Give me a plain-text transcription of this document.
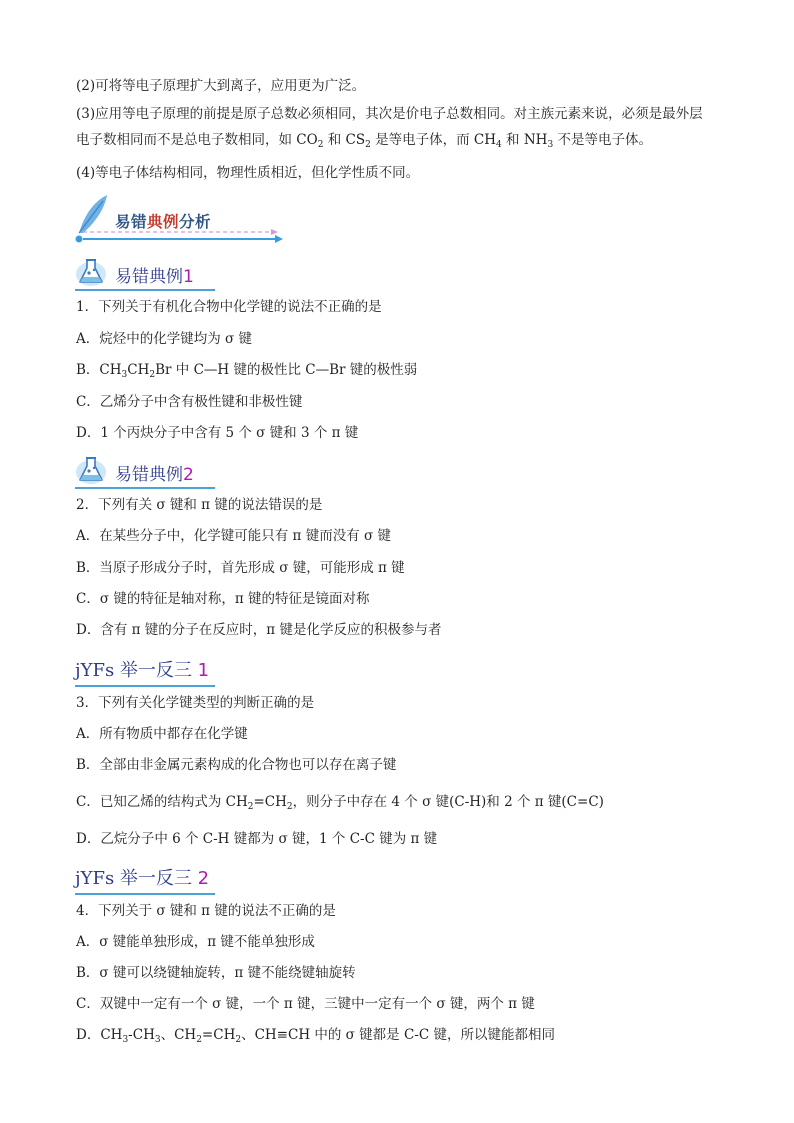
(2)可将等电子原理扩大到离子，应用更为广泛。
(3)应用等电子原理的前提是原子总数必须相同，其次是价电子总数相同。对主族元素来说，必须是最外层
电子数相同而不是总电子数相同，如 $CO_2$ 和 $CS_2$ 是等电子体，而 $CH_4$ 和 $NH_3$ 不是等电子体。
(4)等电子体结构相同，物理性质相近，但化学性质不同。
易错典例分析
易错典例1
1．下列关于有机化合物中化学键的说法不正确的是
A．烷烃中的化学键均为 σ 键
B．$CH_3CH_2Br$ 中 C—H 键的极性比 C—Br 键的极性弱
C．乙烯分子中含有极性键和非极性键
D．1 个丙炔分子中含有 5 个 σ 键和 3 个 π 键
易错典例2
2．下列有关 σ 键和 π 键的说法错误的是
A．在某些分子中，化学键可能只有 π 键而没有 σ 键
B．当原子形成分子时，首先形成 σ 键，可能形成 π 键
C．σ 键的特征是轴对称，π 键的特征是镜面对称
D．含有 π 键的分子在反应时，π 键是化学反应的积极参与者
jYFs 举一反三 1
3．下列有关化学键类型的判断正确的是
A．所有物质中都存在化学键
B．全部由非金属元素构成的化合物也可以存在离子键
C．已知乙烯的结构式为 $CH_2=CH_2$，则分子中存在 4 个 σ 键(C-H)和 2 个 π 键(C=C)
D．乙烷分子中 6 个 C-H 键都为 σ 键，1 个 C-C 键为 π 键
jYFs 举一反三 2
4．下列关于 σ 键和 π 键的说法不正确的是
A．σ 键能单独形成，π 键不能单独形成
B．σ 键可以绕键轴旋转，π 键不能绕键轴旋转
C．双键中一定有一个 σ 键，一个 π 键，三键中一定有一个 σ 键，两个 π 键
D．$CH_3-CH_3$、$CH_2=CH_2$、CH≡CH 中的 σ 键都是 C-C 键，所以键能都相同
